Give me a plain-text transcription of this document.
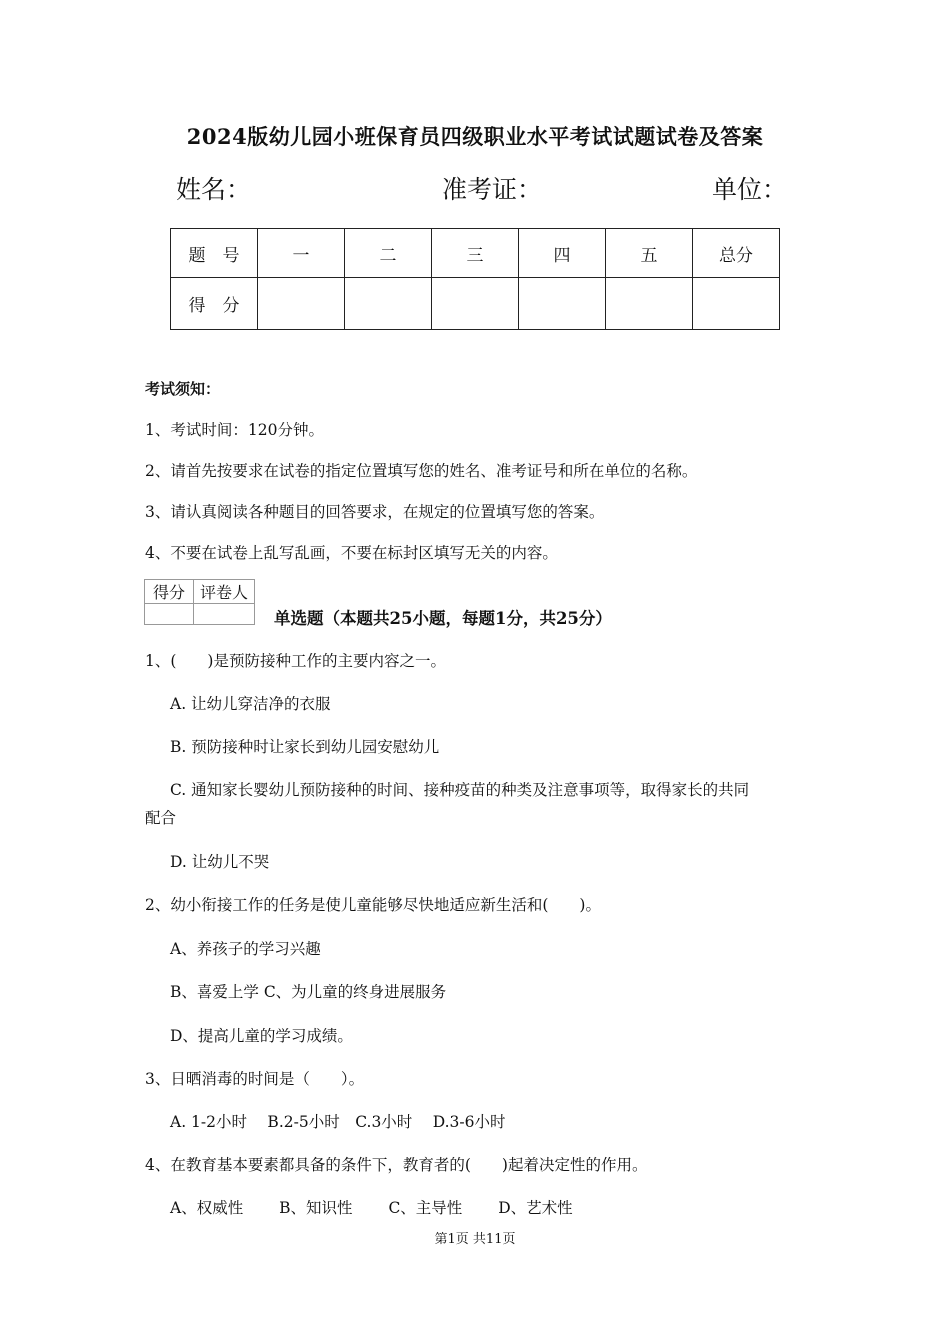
2024版幼儿园小班保育员四级职业水平考试试题试卷及答案
姓名：	准考证：	单位：
题　号	一	二	三	四	五	总分
得　分						
考试须知：
1、考试时间：120分钟。
2、请首先按要求在试卷的指定位置填写您的姓名、准考证号和所在单位的名称。
3、请认真阅读各种题目的回答要求，在规定的位置填写您的答案。
4、不要在试卷上乱写乱画，不要在标封区填写无关的内容。
得分	评卷人

单选题（本题共25小题，每题1分，共25分）
1、(　　)是预防接种工作的主要内容之一。
A. 让幼儿穿洁净的衣服
B. 预防接种时让家长到幼儿园安慰幼儿
C. 通知家长婴幼儿预防接种的时间、接种疫苗的种类及注意事项等，取得家长的共同
配合
D. 让幼儿不哭
2、幼小衔接工作的任务是使儿童能够尽快地适应新生活和(　　)。
A、养孩子的学习兴趣
B、喜爱上学 C、为儿童的终身进展服务
D、提高儿童的学习成绩。
3、日晒消毒的时间是（　　）。
A. 1-2小时　 B.2-5小时　C.3小时　 D.3-6小时
4、在教育基本要素都具备的条件下，教育者的(　　)起着决定性的作用。
A、权威性　　 B、知识性　　 C、主导性　　 D、艺术性
第1页 共11页
